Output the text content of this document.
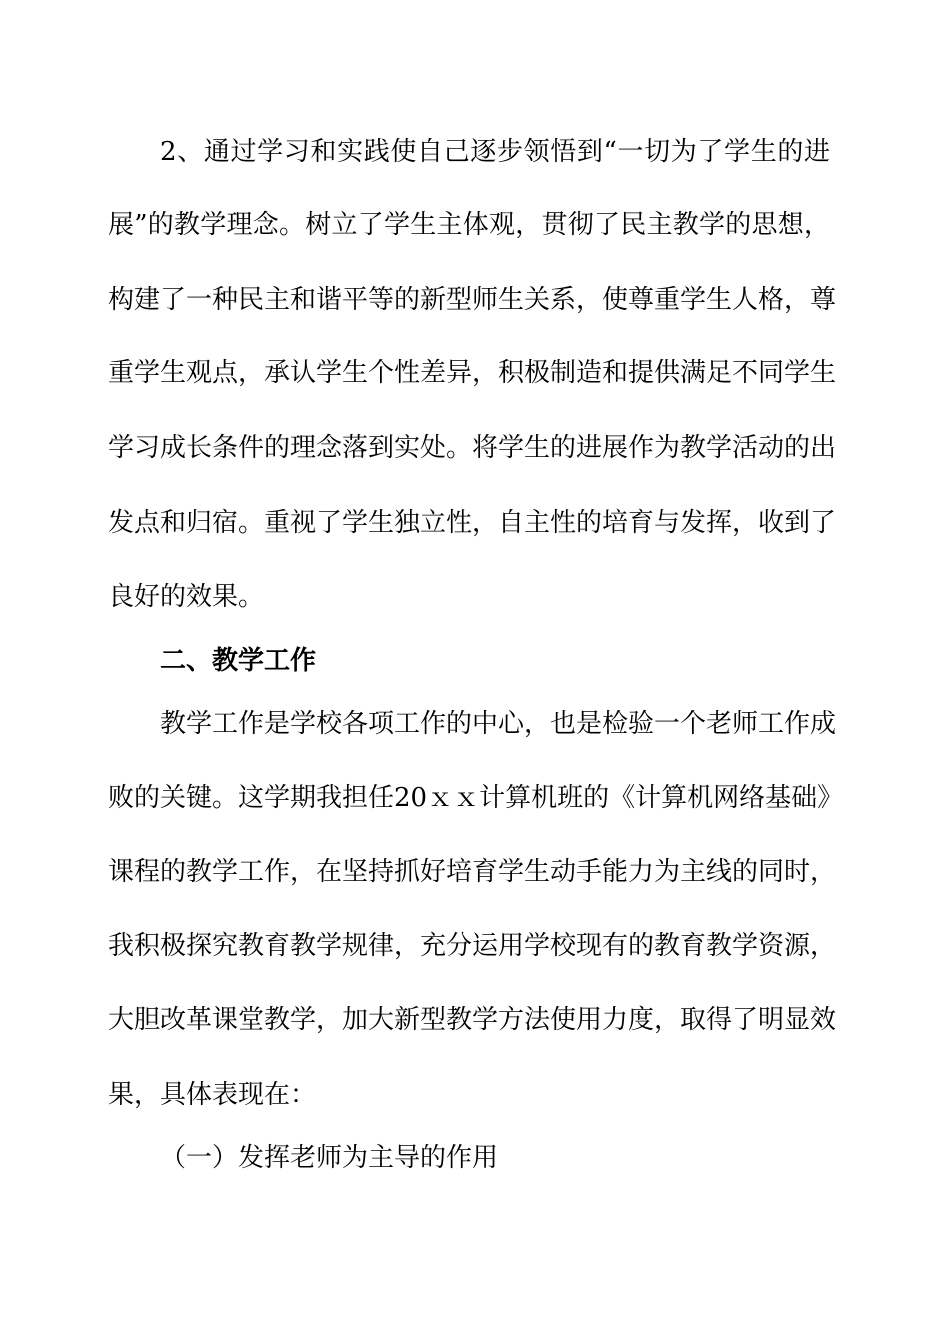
2、通过学习和实践使自己逐步领悟到“一切为了学生的进
展”的教学理念。树立了学生主体观，贯彻了民主教学的思想，
构建了一种民主和谐平等的新型师生关系，使尊重学生人格，尊
重学生观点，承认学生个性差异，积极制造和提供满足不同学生
学习成长条件的理念落到实处。将学生的进展作为教学活动的出
发点和归宿。重视了学生独立性，自主性的培育与发挥，收到了
良好的效果。
二、教学工作
教学工作是学校各项工作的中心，也是检验一个老师工作成
败的关键。这学期我担任20ｘｘ计算机班的《计算机网络基础》
课程的教学工作，在坚持抓好培育学生动手能力为主线的同时，
我积极探究教育教学规律，充分运用学校现有的教育教学资源，
大胆改革课堂教学，加大新型教学方法使用力度，取得了明显效
果，具体表现在：
（一）发挥老师为主导的作用
